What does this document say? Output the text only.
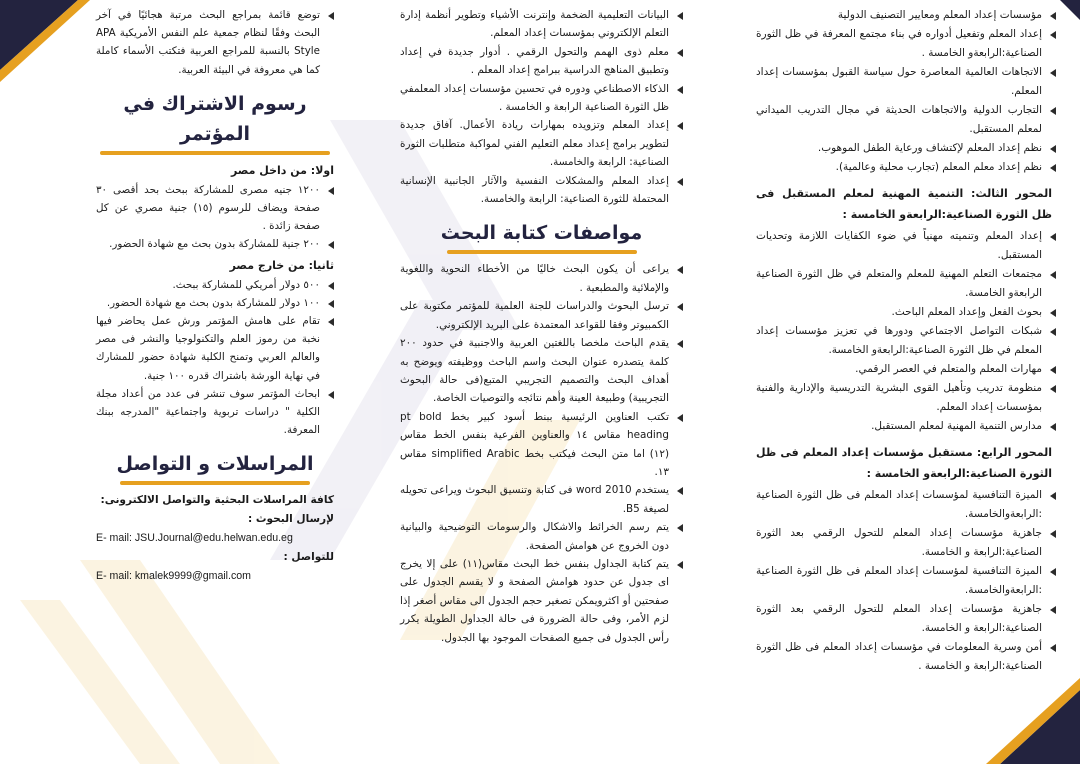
مؤسسات إعداد المعلم ومعايير التصنيف الدولية
إعداد المعلم وتفعيل أدواره في بناء مجتمع المعرفة في ظل الثورة الصناعية:الرابعةو الخامسة .
الاتجاهات العالمية المعاصرة حول سياسة القبول بمؤسسات إعداد المعلم.
التجارب الدولية والاتجاهات الحديثة في مجال التدريب الميداني لمعلم المستقبل.
نظم إعداد المعلم لإكتشاف ورعاية الطفل الموهوب.
نظم إعداد معلم المعلم (تجارب محلية وعالمية).
المحور الثالث: التنمية المهنية لمعلم المستقبل فى ظل الثورة الصناعية:الرابعةو الخامسة :
إعداد المعلم وتنميته مهنياً في ضوء الكفايات اللازمة وتحديات المستقبل.
مجتمعات التعلم المهنية للمعلم والمتعلم في ظل الثورة الصناعية الرابعةو الخامسة.
بحوث الفعل وإعداد المعلم الباحث.
شبكات التواصل الاجتماعي ودورها في تعزيز مؤسسات إعداد المعلم في ظل الثورة الصناعية:الرابعةو الخامسة.
مهارات المعلم والمتعلم في العصر الرقمي.
منظومة تدريب وتأهيل القوى البشرية التدريسية والإدارية والفنية بمؤسسات إعداد المعلم.
مدارس التنمية المهنية لمعلم المستقبل.
المحور الرابع: مستقبل مؤسسات إعداد المعلم فى ظل الثورة الصناعية:الرابعةو الخامسة :
الميزة التنافسية لمؤسسات إعداد المعلم فى ظل الثورة الصناعية :الرابعةوالخامسة.
جاهزية مؤسسات إعداد المعلم للتحول الرقمي بعد الثورة الصناعية:الرابعة و الخامسة.
الميزة التنافسية لمؤسسات إعداد المعلم فى ظل الثورة الصناعية :الرابعةوالخامسة.
جاهزية مؤسسات إعداد المعلم للتحول الرقمي بعد الثورة الصناعية:الرابعة و الخامسة.
أمن وسرية المعلومات في مؤسسات إعداد المعلم فى ظل الثورة الصناعية:الرابعة و الخامسة .
البيانات التعليمية الضخمة وإنترنت الأشياء وتطوير أنظمة إدارة التعلم الإلكتروني بمؤسسات إعداد المعلم.
معلم ذوى الهمم والتحول الرقمي . أدوار جديدة في إعداد وتطبيق المناهج الدراسية ببرامج إعداد المعلم .
الذكاء الاصطناعي ودوره في تحسين مؤسسات إعداد المعلمفي ظل الثورة الصناعية الرابعة و الخامسة .
إعداد المعلم وتزويده بمهارات ريادة الأعمال. آفاق جديدة لتطوير برامج إعداد معلم التعليم الفني لمواكبة متطلبات الثورة الصناعية: الرابعة والخامسة.
إعداد المعلم والمشكلات النفسية والآثار الجانبية الإنسانية المحتملة للثورة الصناعية: الرابعة والخامسة.
مواصفات كتابة البحث
يراعى أن يكون البحث خاليًا من الأخطاء النحوية واللغوية والإملائية والمطبعية .
ترسل البحوث والدراسات للجنة العلمية للمؤتمر مكتوبة على الكمبيوتر وفقا للقواعد المعتمدة على البريد الإلكتروني.
يقدم الباحث ملخصا باللغتين العربية والاجنبية في حدود ٢٠٠ كلمة يتصدره عنوان البحث واسم الباحث ووظيفته ويوضح به أهداف البحث والتصميم التجريبي المتبع(فى حالة البحوث التجريبية) وطبيعة العينة وأهم نتائجه والتوصيات الخاصة.
تكتب العناوين الرئيسية ببنط أسود كبير بخط pt bold heading مقاس ١٤ والعناوين الفرعية بنفس الخط مقاس (١٢) اما متن البحث فيكتب بخط simplified Arabic مقاس ١٣.
يستخدم word 2010 فى كتابة وتنسيق البحوث ويراعى تحويله لصيغة B5.
يتم رسم الخرائط والاشكال والرسومات التوضيحية والبيانية دون الخروج عن هوامش الصفحة.
يتم كتابة الجداول بنفس خط البحث مقاس(١١) على إلا يخرج اى جدول عن حدود هوامش الصفحة و لا يقسم الجدول على صفحتين أو اكثرويمكن تصغير حجم الجدول الى مقاس أصغر إذا لزم الأمر، وفى حالة الضرورة فى حالة الجداول الطويلة يكرر رأس الجدول فى جميع الصفحات الموجود بها الجدول.
توضع قائمة بمراجع البحث مرتبة هجائيًا في آخر البحث وفقًا لنظام جمعية علم النفس الأمريكية APA Style بالنسبة للمراجع العربية فتكتب الأسماء كاملة كما هي معروفة في البيئة العربية.
رسوم الاشتراك في المؤتمر
اولا: من داخل مصر
١٢٠٠ جنيه مصرى للمشاركة ببحث بحد أقصى ٣٠ صفحة ويضاف للرسوم (١٥) جنية مصري عن كل صفحة زائدة .
٢٠٠ جنية للمشاركة بدون بحث مع شهادة الحضور.
ثانيا: من خارج مصر
٥٠٠ دولار أمريكي للمشاركة ببحث.
١٠٠ دولار للمشاركة بدون بحث مع شهادة الحضور.
تقام على هامش المؤتمر ورش عمل يحاضر فيها نخبة من رموز العلم والتكنولوجيا والنشر فى مصر والعالم العربي وتمنح الكلية شهادة حضور للمشارك في نهاية الورشة باشتراك قدره ١٠٠ جنية.
ابحاث المؤتمر سوف تنشر فى عدد من أعداد مجلة الكلية " دراسات تربوية واجتماعية "المدرجه ببنك المعرفة.
المراسلات و التواصل
كافة المراسلات البحثية والتواصل الالكترونى:
لإرسال البحوث :
E- mail: JSU.Journal@edu.helwan.edu.eg
للتواصل :
E- mail: kmalek9999@gmail.com
